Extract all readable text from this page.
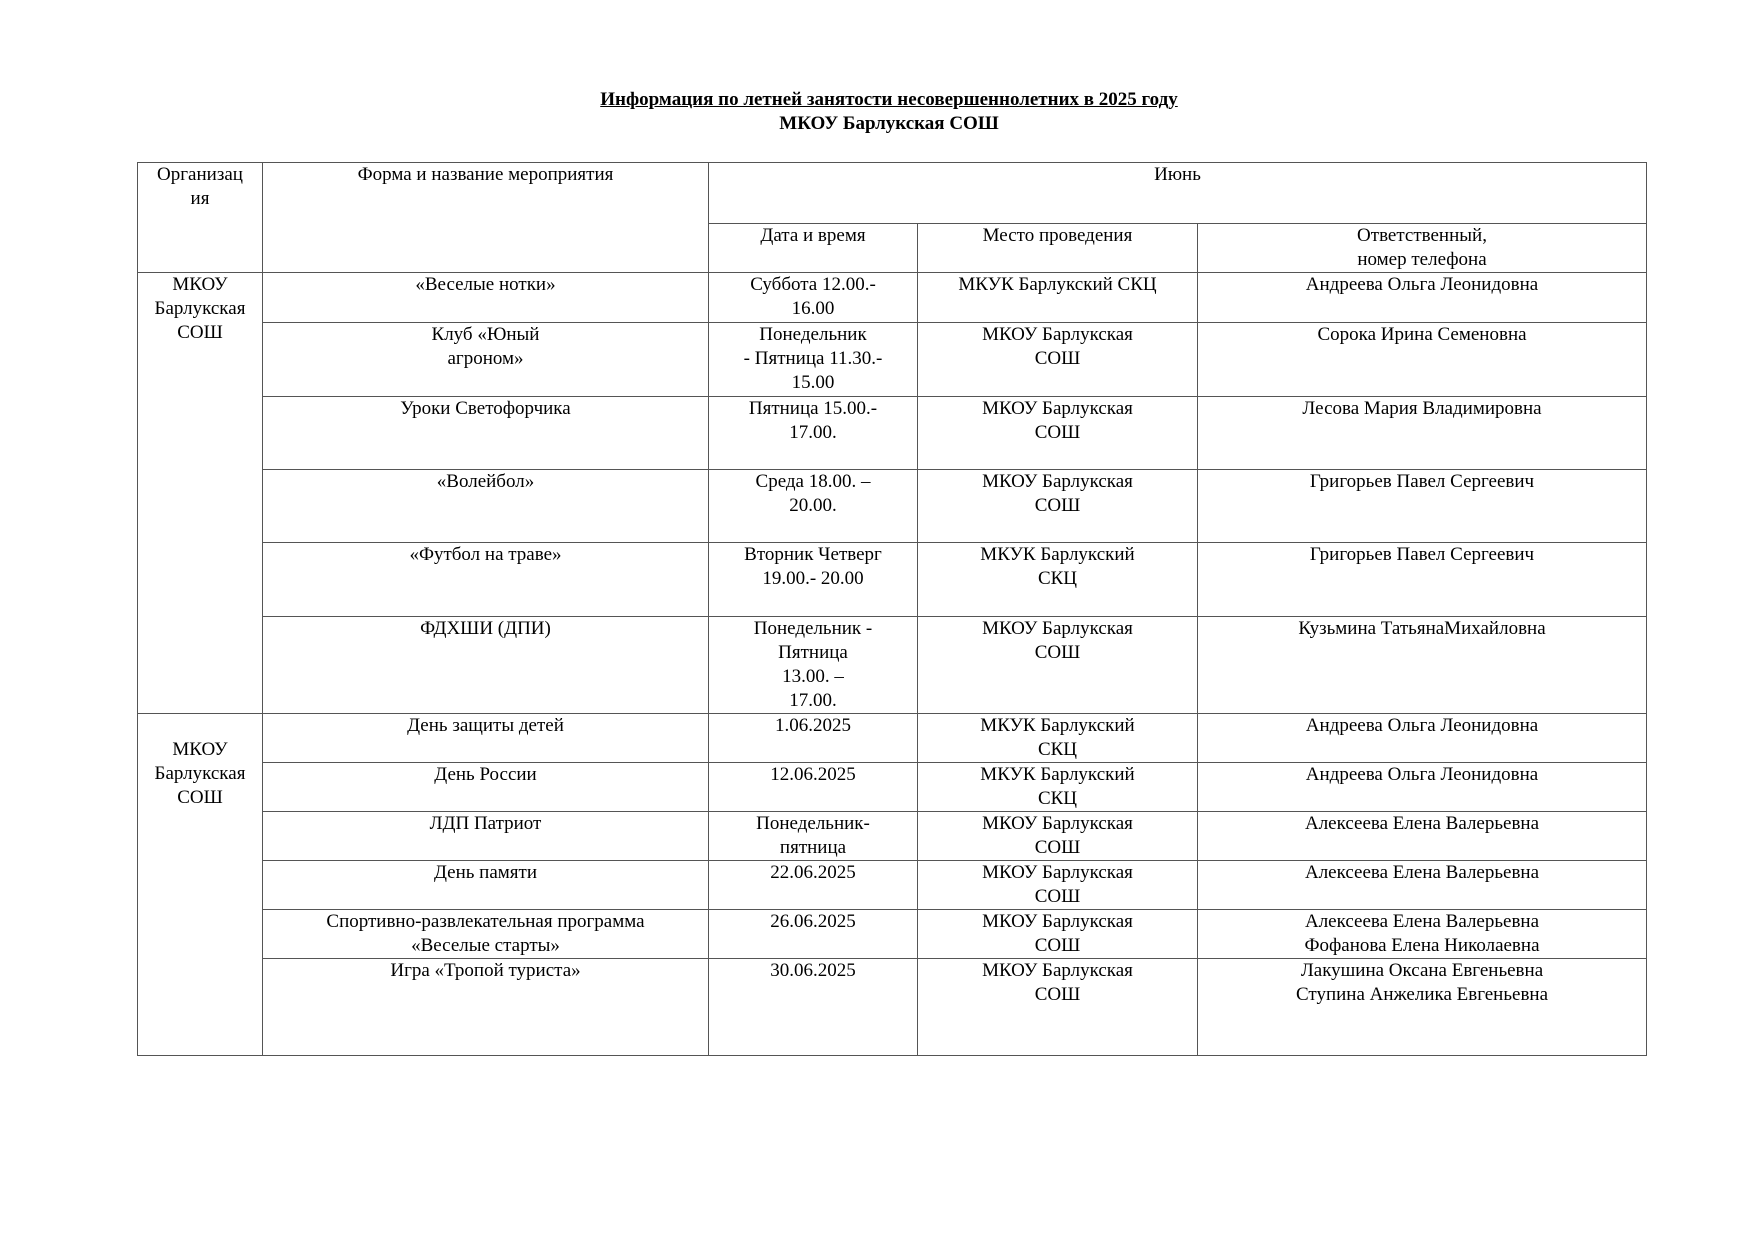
Информация по летней занятости несовершеннолетних в 2025 году
МКОУ Барлукская СОШ
Организац
ия	Форма и название мероприятия	Июнь		
		Дата и время	Место проведения	Ответственный,
номер телефона
МКОУ
Барлукская
СОШ	«Веселые нотки»	Суббота 12.00.-
16.00	МКУК Барлукский СКЦ	Андреева Ольга Леонидовна
	Клуб «Юный
агроном»	Понедельник
- Пятница 11.30.-
15.00	МКОУ Барлукская
СОШ	Сорока Ирина Семеновна
	Уроки Светофорчика	Пятница 15.00.-
17.00.	МКОУ Барлукская
СОШ	Лесова Мария Владимировна
	«Волейбол»	Среда 18.00. –
20.00.	МКОУ Барлукская
СОШ	Григорьев Павел Сергеевич
	«Футбол на траве»	Вторник Четверг
19.00.- 20.00	МКУК Барлукский
СКЦ	Григорьев Павел Сергеевич
	ФДХШИ (ДПИ)	Понедельник -
Пятница
13.00. –
17.00.	МКОУ Барлукская
СОШ	Кузьмина ТатьянаМихайловна
МКОУ
Барлукская
СОШ	День защиты детей	1.06.2025	МКУК Барлукский
СКЦ	Андреева Ольга Леонидовна
	День России	12.06.2025	МКУК Барлукский
СКЦ	Андреева Ольга Леонидовна
	ЛДП Патриот	Понедельник-
пятница	МКОУ Барлукская
СОШ	Алексеева Елена Валерьевна
	День памяти	22.06.2025	МКОУ Барлукская
СОШ	Алексеева Елена Валерьевна
	Спортивно-развлекательная программа
«Веселые старты»	26.06.2025	МКОУ Барлукская
СОШ	Алексеева Елена Валерьевна
Фофанова Елена Николаевна
	Игра «Тропой туриста»	30.06.2025	МКОУ Барлукская
СОШ	Лакушина Оксана Евгеньевна
Ступина Анжелика Евгеньевна
